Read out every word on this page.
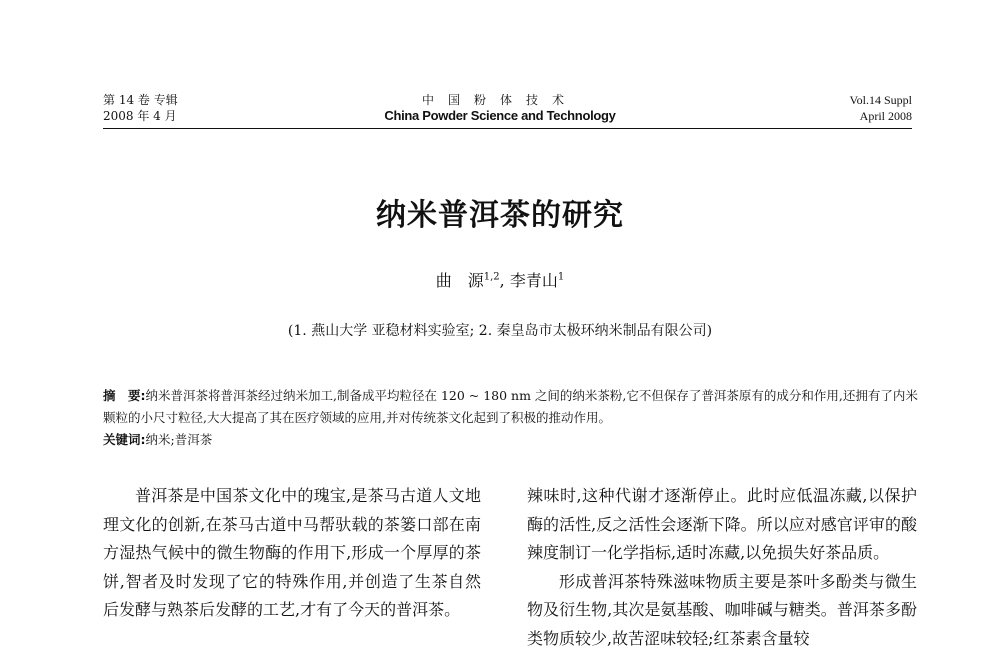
第 14 卷 专辑
2008 年 4 月
中国粉体技术
China Powder Science and Technology
Vol.14 Suppl
April 2008
纳米普洱茶的研究
曲　源$^{1,2}$, 李青山$^1$
(1. 燕山大学 亚稳材料实验室; 2. 秦皇岛市太极环纳米制品有限公司)
摘　要:纳米普洱茶将普洱茶经过纳米加工,制备成平均粒径在 120 ~ 180 nm 之间的纳米茶粉,它不但保存了普洱茶原有的成分和作用,还拥有了内米颗粒的小尺寸粒径,大大提高了其在医疗领域的应用,并对传统茶文化起到了积极的推动作用。
关键词:纳米;普洱茶

普洱茶是中国茶文化中的瑰宝,是茶马古道人文地理文化的创新,在茶马古道中马帮驮载的茶篓口部在南方湿热气候中的微生物酶的作用下,形成一个厚厚的茶饼,智者及时发现了它的特殊作用,并创造了生茶自然后发酵与熟茶后发酵的工艺,才有了今天的普洱茶。

辣味时,这种代谢才逐渐停止。此时应低温冻藏,以保护酶的活性,反之活性会逐渐下降。所以应对感官评审的酸辣度制订一化学指标,适时冻藏,以免损失好茶品质。

形成普洱茶特殊滋味物质主要是茶叶多酚类与微生物及衍生物,其次是氨基酸、咖啡碱与糖类。普洱茶多酚类物质较少,故苦涩味较轻;红茶素含量较
